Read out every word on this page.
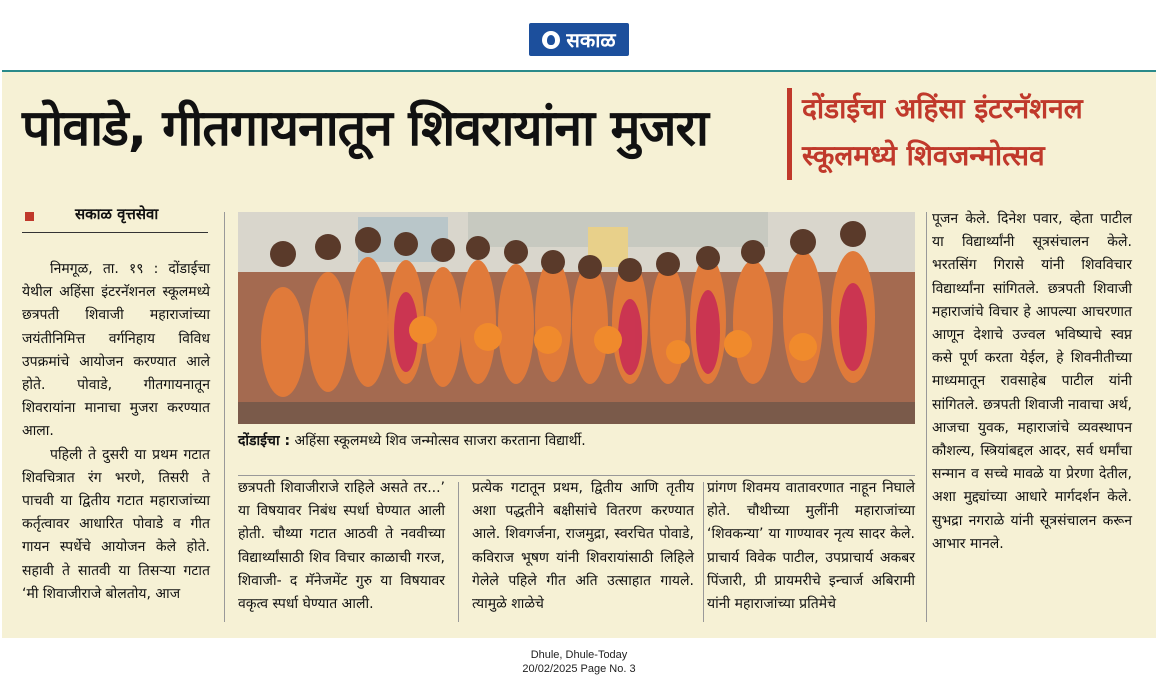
सकाळ
पोवाडे, गीतगायनातून शिवरायांना मुजरा	दोंडाईचा अहिंसा इंटरनॅशनल
स्कूलमध्ये शिवजन्मोत्सव
सकाळ वृत्तसेवा

निमगूळ, ता. १९ : दोंडाईचा येथील अहिंसा इंटरनॅशनल स्कूलमध्ये छत्रपती शिवाजी महाराजांच्या जयंतीनिमित्त वर्गनिहाय विविध उपक्रमांचे आयोजन करण्यात आले होते. पोवाडे, गीतगायनातून शिवरायांना मानाचा मुजरा करण्यात आला.

पहिली ते दुसरी या प्रथम गटात शिवचित्रात रंग भरणे, तिसरी ते पाचवी या द्वितीय गटात महाराजांच्या कर्तृत्वावर आधारित पोवाडे व गीत गायन स्पर्धेचे आयोजन केले होते. सहावी ते सातवी या तिसऱ्या गटात ‘मी शिवाजीराजे बोलतोय, आज

दोंडाईचा : अहिंसा स्कूलमध्ये शिव जन्मोत्सव साजरा करताना विद्यार्थी.

छत्रपती शिवाजीराजे राहिले असते तर...’ या विषयावर निबंध स्पर्धा घेण्यात आली होती. चौथ्या गटात आठवी ते नववीच्या विद्यार्थ्यांसाठी शिव विचार काळाची गरज, शिवाजी- द मॅनेजमेंट गुरु या विषयावर वकृत्व स्पर्धा घेण्यात आली.

प्रत्येक गटातून प्रथम, द्वितीय आणि तृतीय अशा पद्धतीने बक्षीसांचे वितरण करण्यात आले. शिवगर्जना, राजमुद्रा, स्वरचित पोवाडे, कविराज भूषण यांनी शिवरायांसाठी लिहिले गेलेले पहिले गीत अति उत्साहात गायले. त्यामुळे शाळेचे

प्रांगण शिवमय वातावरणात नाहून निघाले होते. चौथीच्या मुलींनी महाराजांच्या ‘शिवकन्या’ या गाण्यावर नृत्य सादर केले. प्राचार्य विवेक पाटील, उपप्राचार्य अकबर पिंजारी, प्री प्रायमरीचे इन्चार्ज अबिरामी यांनी महाराजांच्या प्रतिमेचे

पूजन केले. दिनेश पवार, व्हेता पाटील या विद्यार्थ्यांनी सूत्रसंचालन केले. भरतसिंग गिरासे यांनी शिवविचार विद्यार्थ्यांना सांगितले. छत्रपती शिवाजी महाराजांचे विचार हे आपल्या आचरणात आणून देशाचे उज्वल भविष्याचे स्वप्न कसे पूर्ण करता येईल, हे शिवनीतीच्या माध्यमातून रावसाहेब पाटील यांनी सांगितले. छत्रपती शिवाजी नावाचा अर्थ, आजचा युवक, महाराजांचे व्यवस्थापन कौशल्य, स्त्रियांबद्दल आदर, सर्व धर्मांचा सन्मान व सच्चे मावळे या प्रेरणा देतील, अशा मुद्द्यांच्या आधारे मार्गदर्शन केले. सुभद्रा नगराळे यांनी सूत्रसंचालन करून आभार मानले.

Dhule, Dhule-Today
20/02/2025 Page No. 3
